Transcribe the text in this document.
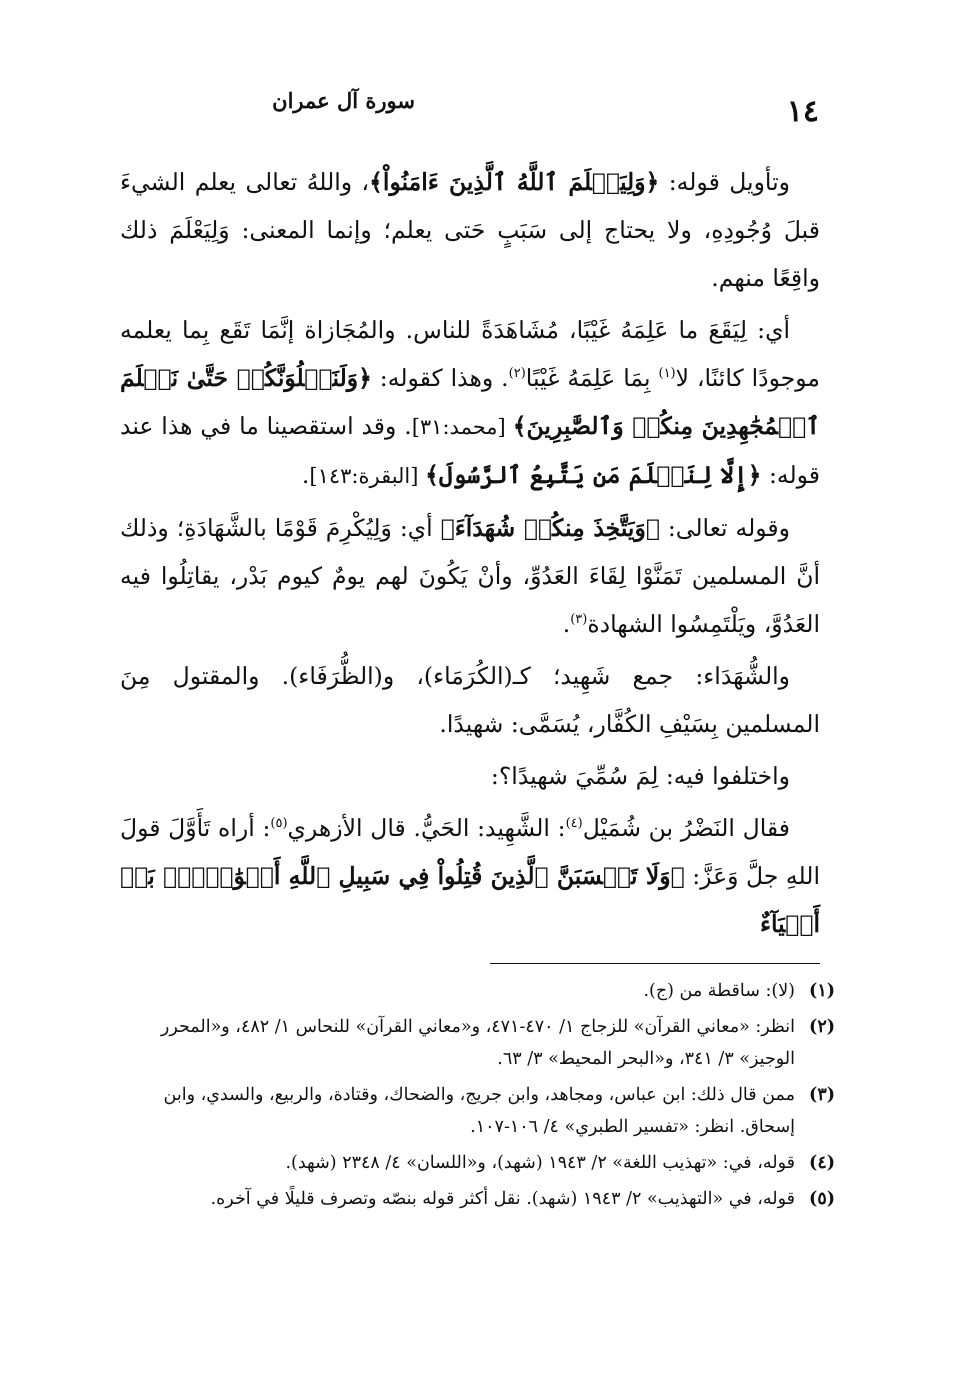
١٤
سورة آل عمران

وتأويل قوله: ﴿وَلِيَعۡلَمَ ٱللَّهُ ٱلَّذِينَ ءَامَنُواْ﴾، واللهُ تعالى يعلم الشيءَ قبلَ وُجُودِهِ، ولا يحتاج إلى سَبَبٍ حَتى يعلم؛ وإنما المعنى: وَلِيَعْلَمَ ذلك واقِعًا منهم.

أي: لِيَقَعَ ما عَلِمَهُ غَيْبًا، مُشَاهَدَةً للناس. والمُجَازاة إنَّمَا تَقَع بِما يعلمه موجودًا كائنًا، لا$^{(١)}$ بِمَا عَلِمَهُ غَيْبًا$^{(٢)}$. وهذا كقوله: ﴿وَلَنَبۡلُوَنَّكُمۡ حَتَّىٰ نَعۡلَمَ ٱلۡمُجَٰهِدِينَ مِنكُمۡ وَٱلصَّٰبِرِينَ﴾ [محمد:٣١]. وقد استقصينا ما في هذا عند قوله: ﴿إِلَّا لِنَعۡلَمَ مَن يَتَّبِعُ ٱلرَّسُولَ﴾ [البقرة:١٤٣].

وقوله تعالى: ﴿وَيَتَّخِذَ مِنكُمۡ شُهَدَآءَ﴾ أي: وَلِيُكْرِمَ قَوْمًا بالشَّهَادَةِ؛ وذلك أنَّ المسلمين تَمَنَّوْا لِقَاءَ العَدُوِّ، وأنْ يَكُونَ لهم يومٌ كيوم بَدْر، يقاتِلُوا فيه العَدُوَّ، ويَلْتَمِسُوا الشهادة$^{(٣)}$.

والشُّهَدَاء: جمع شَهِيد؛ كـ(الكُرَمَاء)، و(الظُّرَفَاء). والمقتول مِنَ المسلمين بِسَيْفِ الكُفَّار، يُسَمَّى: شهيدًا.

واختلفوا فيه: لِمَ سُمِّيَ شهيدًا؟:

فقال النَضْرُ بن شُمَيْل$^{(٤)}$: الشَّهِيد: الحَيُّ. قال الأزهري$^{(٥)}$: أراه تَأَوَّلَ قولَ اللهِ جلَّ وَعَزَّ: ﴿وَلَا تَحۡسَبَنَّ ٱلَّذِينَ قُتِلُواْ فِي سَبِيلِ ٱللَّهِ أَمۡوَٰتَۢاۚ بَلۡ أَحۡيَآءٌ

(١)
(لا): ساقطة من (ج).
(٢)
انظر: «معاني القرآن» للزجاج ١/ ٤٧٠-٤٧١، و«معاني القرآن» للنحاس ١/ ٤٨٢، و«المحرر الوجيز» ٣/ ٣٤١، و«البحر المحيط» ٣/ ٦٣.
(٣)
ممن قال ذلك: ابن عباس، ومجاهد، وابن جريج، والضحاك، وقتادة، والربيع، والسدي، وابن إسحاق. انظر: «تفسير الطبري» ٤/ ١٠٦-١٠٧.
(٤)
قوله، في: «تهذيب اللغة» ٢/ ١٩٤٣ (شهد)، و«اللسان» ٤/ ٢٣٤٨ (شهد).
(٥)
قوله، في «التهذيب» ٢/ ١٩٤٣ (شهد). نقل أكثر قوله بنصّه وتصرف قليلًا في آخره.
